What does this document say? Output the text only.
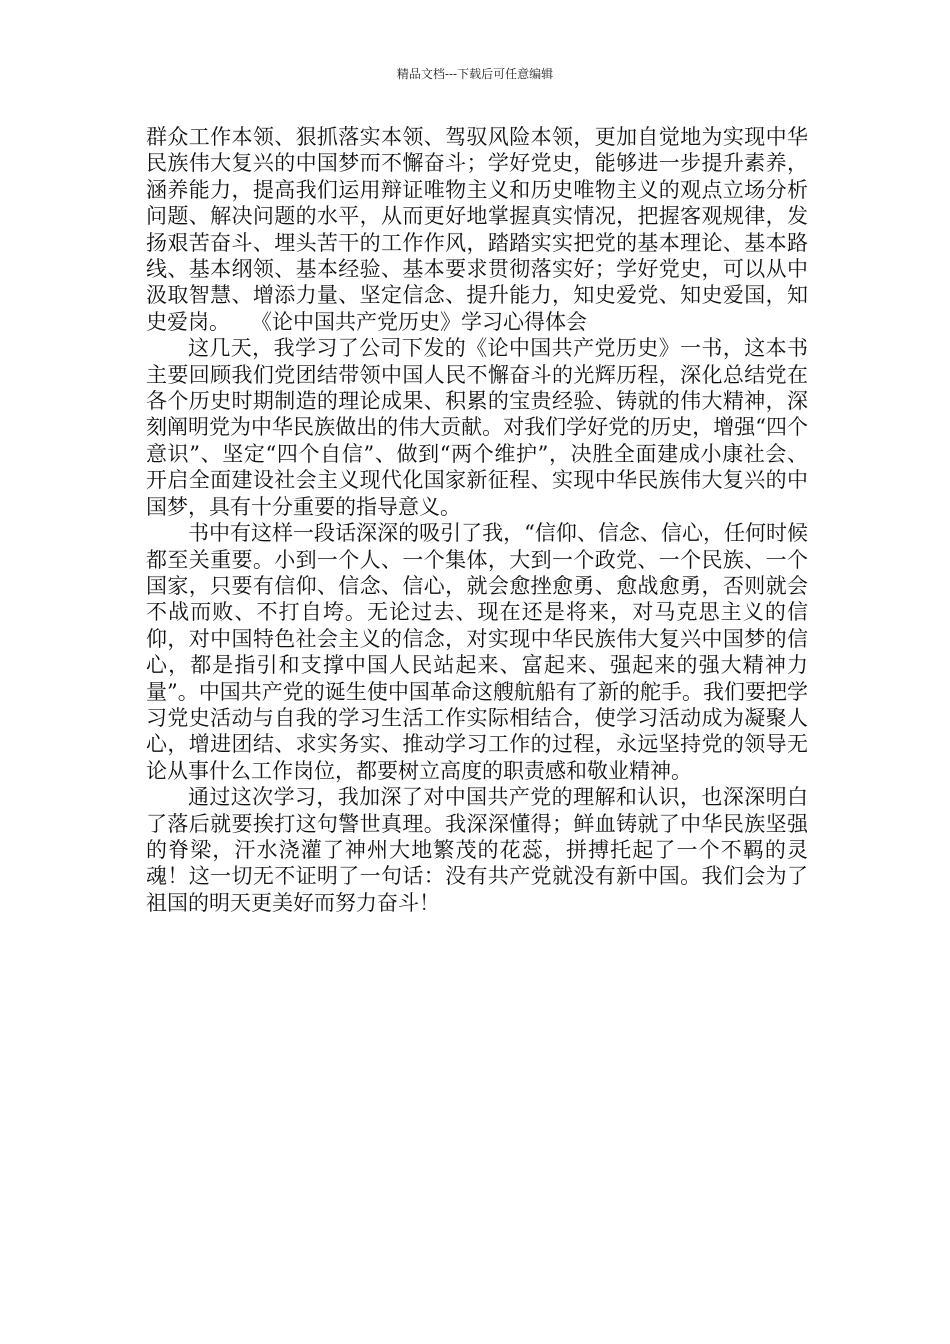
精品文档---下载后可任意编辑

群众工作本领、狠抓落实本领、驾驭风险本领，更加自觉地为实现中华民族伟大复兴的中国梦而不懈奋斗；学好党史，能够进一步提升素养，涵养能力，提高我们运用辩证唯物主义和历史唯物主义的观点立场分析问题、解决问题的水平，从而更好地掌握真实情况，把握客观规律，发扬艰苦奋斗、埋头苦干的工作作风，踏踏实实把党的基本理论、基本路线、基本纲领、基本经验、基本要求贯彻落实好；学好党史，可以从中汲取智慧、增添力量、坚定信念、提升能力，知史爱党、知史爱国，知史爱岗。　　《论中国共产党历史》学习心得体会

这几天，我学习了公司下发的《论中国共产党历史》一书，这本书主要回顾我们党团结带领中国人民不懈奋斗的光辉历程，深化总结党在各个历史时期制造的理论成果、积累的宝贵经验、铸就的伟大精神，深刻阐明党为中华民族做出的伟大贡献。对我们学好党的历史，增强“四个意识”、坚定“四个自信”、做到“两个维护”，决胜全面建成小康社会、开启全面建设社会主义现代化国家新征程、实现中华民族伟大复兴的中国梦，具有十分重要的指导意义。

书中有这样一段话深深的吸引了我，“信仰、信念、信心，任何时候都至关重要。小到一个人、一个集体，大到一个政党、一个民族、一个国家，只要有信仰、信念、信心，就会愈挫愈勇、愈战愈勇，否则就会不战而败、不打自垮。无论过去、现在还是将来，对马克思主义的信仰，对中国特色社会主义的信念，对实现中华民族伟大复兴中国梦的信心，都是指引和支撑中国人民站起来、富起来、强起来的强大精神力量”。中国共产党的诞生使中国革命这艘航船有了新的舵手。我们要把学习党史活动与自我的学习生活工作实际相结合，使学习活动成为凝聚人心，增进团结、求实务实、推动学习工作的过程，永远坚持党的领导无论从事什么工作岗位，都要树立高度的职责感和敬业精神。

通过这次学习，我加深了对中国共产党的理解和认识，也深深明白了落后就要挨打这句警世真理。我深深懂得；鲜血铸就了中华民族坚强的脊梁，汗水浇灌了神州大地繁茂的花蕊，拼搏托起了一个不羁的灵魂！这一切无不证明了一句话：没有共产党就没有新中国。我们会为了祖国的明天更美好而努力奋斗！
